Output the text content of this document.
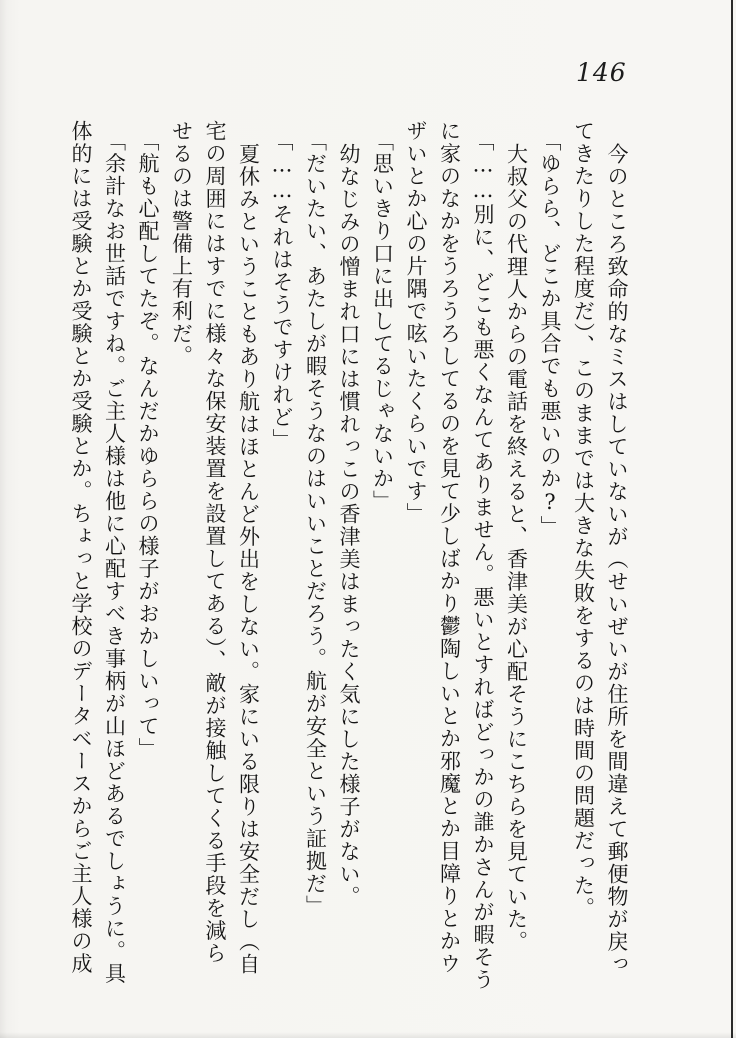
146
今のところ致命的なミスはしていないが（せいぜいが住所を間違えて郵便物が戻っ
てきたりした程度だ）、このままでは大きな失敗をするのは時間の問題だった。
「ゆらら、どこか具合でも悪いのか?」
大叔父の代理人からの電話を終えると、香津美が心配そうにこちらを見ていた。
「……別に、どこも悪くなんてありません。悪いとすればどっかの誰かさんが暇そう
に家のなかをうろうろしてるのを見て少しばかり鬱陶しいとか邪魔とか目障りとかウ
ザいとか心の片隅で呟いたくらいです」
「思いきり口に出してるじゃないか」
幼なじみの憎まれ口には慣れっこの香津美はまったく気にした様子がない。
「だいたい、あたしが暇そうなのはいいことだろう。航が安全という証拠だ」
「……それはそうですけれど」
夏休みということもあり航はほとんど外出をしない。家にいる限りは安全だし（自
宅の周囲にはすでに様々な保安装置を設置してある）、敵が接触してくる手段を減ら
せるのは警備上有利だ。
「航も心配してたぞ。なんだかゆららの様子がおかしいって」
「余計なお世話ですね。ご主人様は他に心配すべき事柄が山ほどあるでしょうに。具
体的には受験とか受験とか受験とか。ちょっと学校のデータベースからご主人様の成
